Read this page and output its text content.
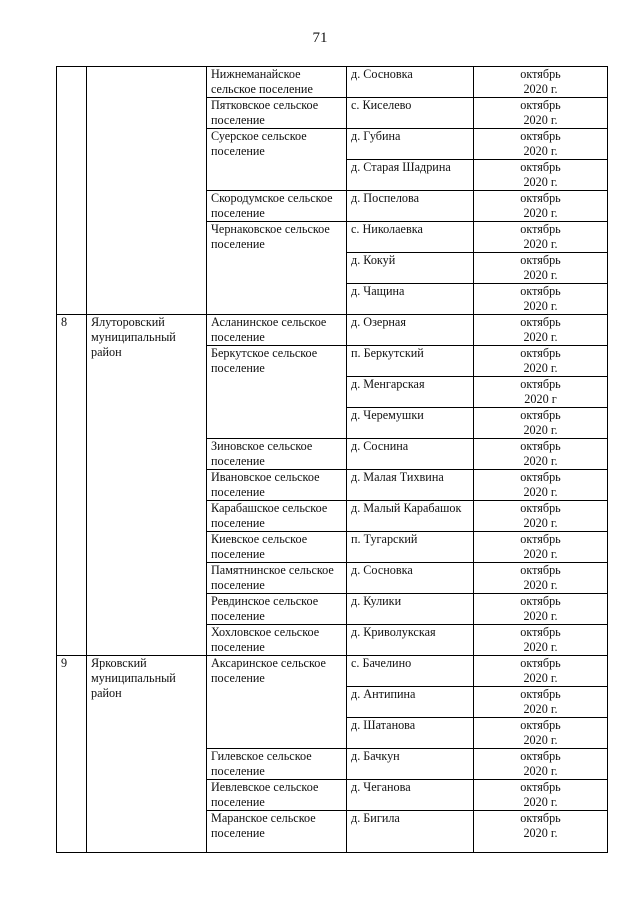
71
		Нижнеманайское сельское поселение	д. Сосновка	октябрь
2020 г.

		Пятковское сельское поселение	с. Киселево	октябрь
2020 г.

		Суерское сельское поселение	д. Губина	октябрь
2020 г.

			д. Старая Шадрина	октябрь
2020 г.

		Скородумское сельское поселение	д. Поспелова	октябрь
2020 г.

		Чернаковское сельское поселение	с. Николаевка	октябрь
2020 г.

			д. Кокуй	октябрь
2020 г.

			д. Чащина	октябрь
2020 г.

8	Ялуторовский муниципальный район	Асланинское сельское поселение	д. Озерная	октябрь
2020 г.

		Беркутское сельское поселение	п. Беркутский	октябрь
2020 г.

			д. Менгарская	октябрь
2020 г

			д. Черемушки	октябрь
2020 г.

		Зиновское сельское поселение	д. Соснина	октябрь
2020 г.

		Ивановское сельское поселение	д. Малая Тихвина	октябрь
2020 г.

		Карабашское сельское поселение	д. Малый Карабашок	октябрь
2020 г.

		Киевское сельское поселение	п. Тугарский	октябрь
2020 г.

		Памятнинское сельское поселение	д. Сосновка	октябрь
2020 г.

		Ревдинское сельское поселение	д. Кулики	октябрь
2020 г.

		Хохловское сельское поселение	д. Криволукская	октябрь
2020 г.

9	Ярковский муниципальный район	Аксаринское сельское поселение	с. Бачелино	октябрь
2020 г.

			д. Антипина	октябрь
2020 г.

			д. Шатанова	октябрь
2020 г.

		Гилевское сельское поселение	д. Бачкун	октябрь
2020 г.

		Иевлевское сельское поселение	д. Чеганова	октябрь
2020 г.

		Маранское сельское поселение	д. Бигила	октябрь
2020 г.
